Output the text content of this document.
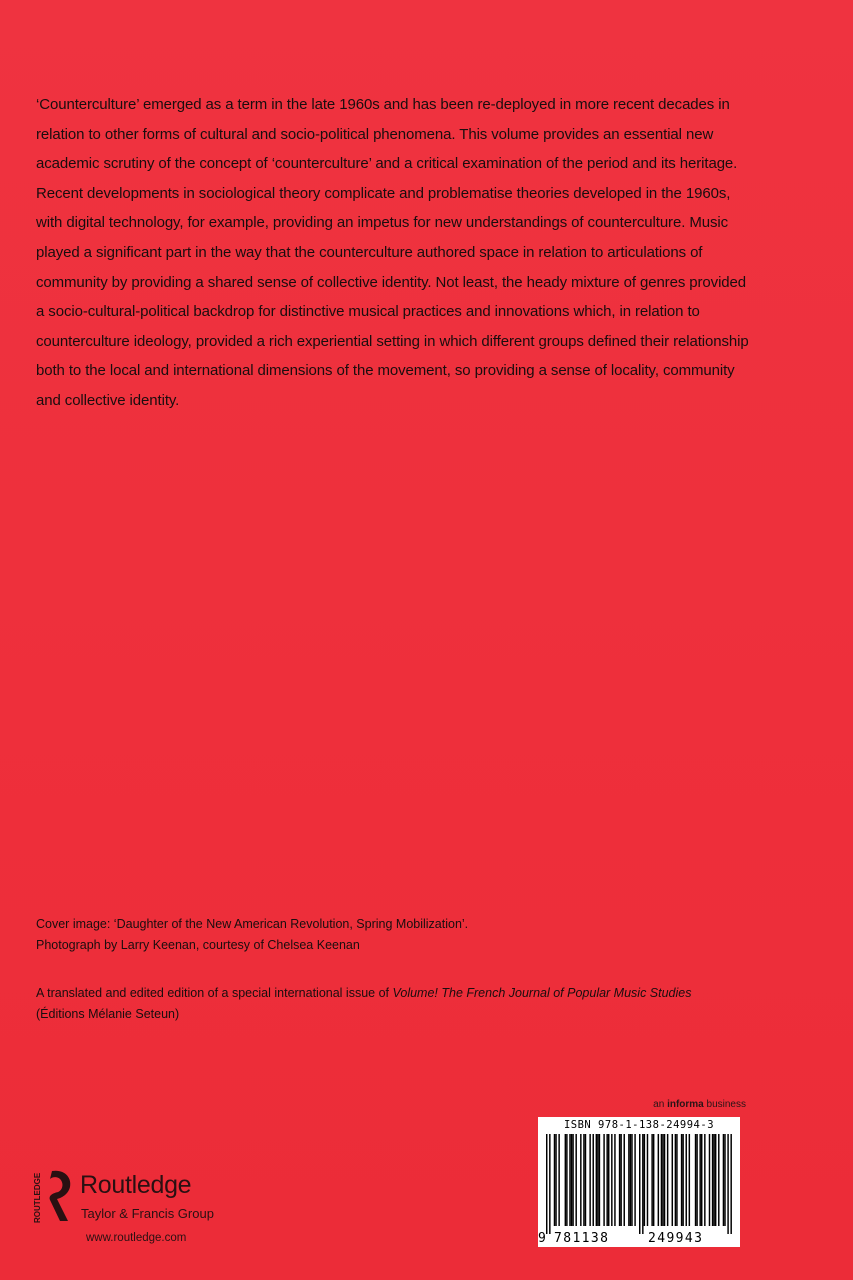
‘Counterculture’ emerged as a term in the late 1960s and has been re-deployed in more recent decades in relation to other forms of cultural and socio-political phenomena. This volume provides an essential new academic scrutiny of the concept of ‘counterculture’ and a critical examination of the period and its heritage. Recent developments in sociological theory complicate and problematise theories developed in the 1960s, with digital technology, for example, providing an impetus for new understandings of counterculture. Music played a significant part in the way that the counterculture authored space in relation to articulations of community by providing a shared sense of collective identity. Not least, the heady mixture of genres provided a socio-cultural-political backdrop for distinctive musical practices and innovations which, in relation to counterculture ideology, provided a rich experiential setting in which different groups defined their relationship both to the local and international dimensions of the movement, so providing a sense of locality, community and collective identity.

Cover image: ‘Daughter of the New American Revolution, Spring Mobilization’.
Photograph by Larry Keenan, courtesy of Chelsea Keenan
A translated and edited edition of a special international issue of Volume! The French Journal of Popular Music Studies
(Éditions Mélanie Seteun)
an informa business
ISBN 978-1-138-24994-3
9 781138	249943
ROUTLEDGE Routledge
Taylor & Francis Group
www.routledge.com
